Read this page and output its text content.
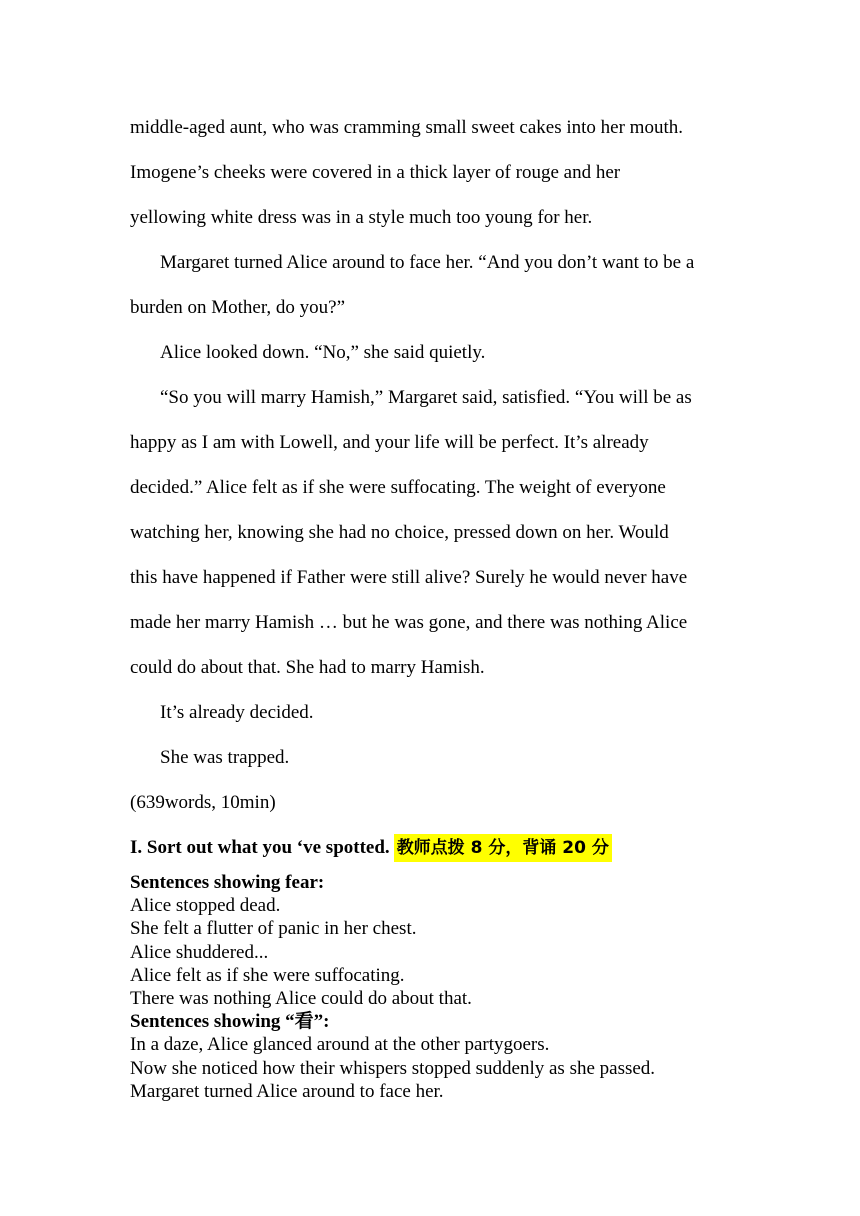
middle-aged aunt, who was cramming small sweet cakes into her mouth.
Imogene’s cheeks were covered in a thick layer of rouge and her
yellowing white dress was in a style much too young for her.
Margaret turned Alice around to face her. “And you don’t want to be a
burden on Mother, do you?”
Alice looked down. “No,” she said quietly.
“So you will marry Hamish,” Margaret said, satisfied. “You will be as
happy as I am with Lowell, and your life will be perfect. It’s already
decided.” Alice felt as if she were suffocating. The weight of everyone
watching her, knowing she had no choice, pressed down on her. Would
this have happened if Father were still alive? Surely he would never have
made her marry Hamish … but he was gone, and there was nothing Alice
could do about that. She had to marry Hamish.
It’s already decided.
She was trapped.
(639words, 10min)
I. Sort out what you ‘ve spotted. 教师点拨 8 分，背诵 20 分
Sentences showing fear:
Alice stopped dead.
She felt a flutter of panic in her chest.
Alice shuddered...
Alice felt as if she were suffocating.
There was nothing Alice could do about that.
Sentences showing “看”:
In a daze, Alice glanced around at the other partygoers.
Now she noticed how their whispers stopped suddenly as she passed.
Margaret turned Alice around to face her.
